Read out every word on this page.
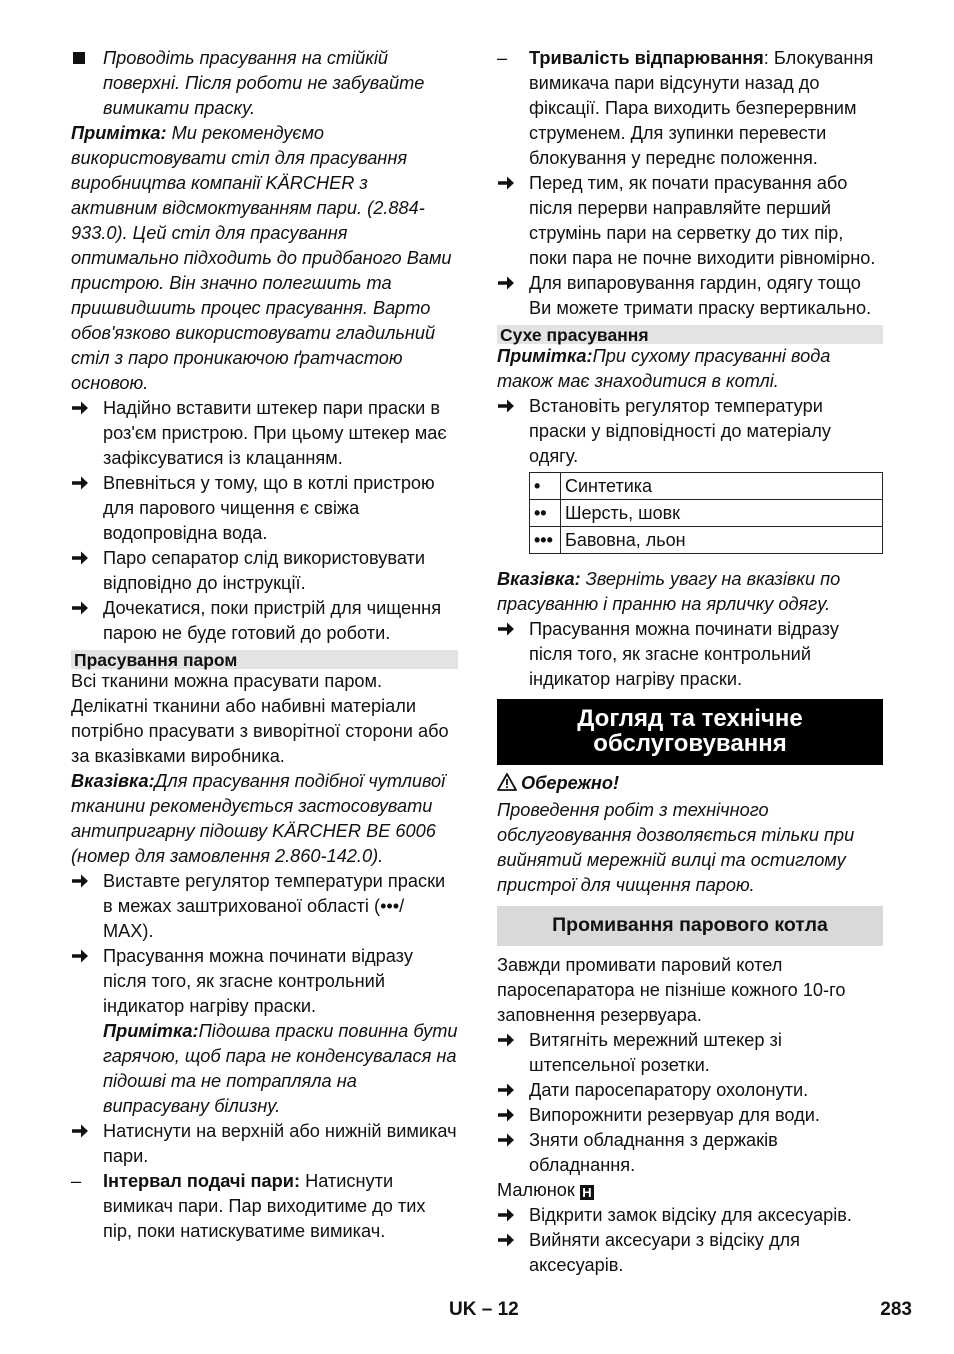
Проводіть прасування на стійкій поверхні. Після роботи не забувайте вимикати праску.

Примітка: Ми рекомендуємо використовувати стіл для прасування виробництва компанії KÄRCHER з активним відсмоктуванням пари. (2.884-933.0). Цей стіл для прасування оптимально підходить до придбаного Вами пристрою. Він значно полегшить та пришвидшить процес прасування. Варто обов'язково використовувати гладильний стіл з паро проникаючою ґратчастою основою.

Надійно вставити штекер пари праски в роз'єм пристрою. При цьому штекер має зафіксуватися із клацанням.
Впевніться у тому, що в котлі пристрою для парового чищення є свіжа водопровідна вода.
Паро сепаратор слід використовувати відповідно до інструкції.
Дочекатися, поки пристрій для чищення парою не буде готовий до роботи.
Прасування паром

Всі тканини можна прасувати паром. Делікатні тканини або набивні матеріали потрібно прасувати з виворітної сторони або за вказівками виробника.

Вказівка:Для прасування подібної чутливої тканини рекомендується застосовувати антипригарну підошву KÄRCHER BE 6006 (номер для замовлення 2.860-142.0).

Виставте регулятор температури праски в межах заштрихованої області (•••/ MAX).
Прасування можна починати відразу після того, як згасне контрольний індикатор нагріву праски.
Примітка:Підошва праски повинна бути гарячою, щоб пара не конденсувалася на підошві та не потрапляла на випрасувану білизну.
Натиснути на верхній або нижній вимикач пари.
–	Інтервал подачі пари: Натиснути вимикач пари. Пар виходитиме до тих пір, поки натискуватиме вимикач.
–	Тривалість відпарювання: Блокування вимикача пари відсунути назад до фіксації. Пара виходить безперервним струменем. Для зупинки перевести блокування у переднє положення.
Перед тим, як почати прасування або після перерви направляйте перший струмінь пари на серветку до тих пір, поки пара не почне виходити рівномірно.
Для випаровування гардин, одягу тощо Ви можете тримати праску вертикально.
Сухе прасування

Примітка:При сухому прасуванні вода також має знаходитися в котлі.

Встановіть регулятор температури праски у відповідності до матеріалу одягу.
•	Синтетика
••	Шерсть, шовк
•••	Бавовна, льон

Вказівка: Зверніть увагу на вказівки по прасуванню і пранню на ярличку одягу.

Прасування можна починати відразу після того, як згасне контрольний індикатор нагріву праски.
Догляд та технічне обслуговування

Обережно!

Проведення робіт з технічного обслуговування дозволяється тільки при вийнятий мережній вилці та остиглому пристрої для чищення парою.

Промивання парового котла

Завжди промивати паровий котел паросепаратора не пізніше кожного 10-го заповнення резервуара.

Витягніть мережний штекер зі штепсельної розетки.
Дати паросепаратору охолонути.
Випорожнити резервуар для води.
Зняти обладнання з держаків обладнання.

Малюнок H

Відкрити замок відсіку для аксесуарів.
Вийняти аксесуари з відсіку для аксесуарів.
UK – 12	283
